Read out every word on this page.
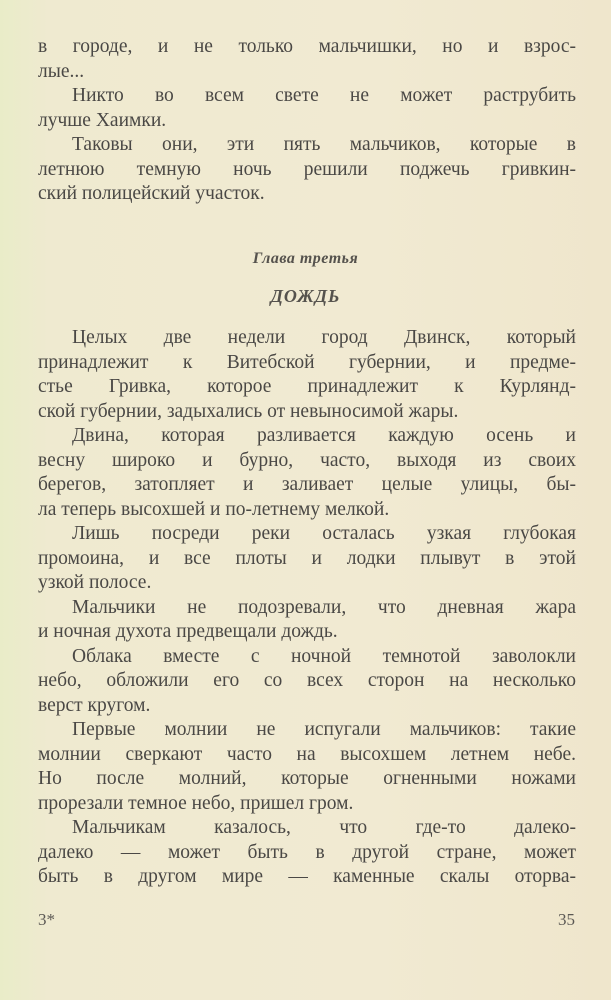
в городе, и не только мальчишки, но и взрос-
лые...
Никто во всем свете не может раструбить
лучше Хаимки.
Таковы они, эти пять мальчиков, которые в
летнюю темную ночь решили поджечь гривкин-
ский полицейский участок.
Глава третья
ДОЖДЬ
Целых две недели город Двинск, который
принадлежит к Витебской губернии, и предме-
стье Гривка, которое принадлежит к Курлянд-
ской губернии, задыхались от невыносимой жары.
Двина, которая разливается каждую осень и
весну широко и бурно, часто, выходя из своих
берегов, затопляет и заливает целые улицы, бы-
ла теперь высохшей и по-летнему мелкой.
Лишь посреди реки осталась узкая глубокая
промоина, и все плоты и лодки плывут в этой
узкой полосе.
Мальчики не подозревали, что дневная жара
и ночная духота предвещали дождь.
Облака вместе с ночной темнотой заволокли
небо, обложили его со всех сторон на несколько
верст кругом.
Первые молнии не испугали мальчиков: такие
молнии сверкают часто на высохшем летнем небе.
Но после молний, которые огненными ножами
прорезали темное небо, пришел гром.
Мальчикам казалось, что где-то далеко-
далеко — может быть в другой стране, может
быть в другом мире — каменные скалы оторва-
3*	35
